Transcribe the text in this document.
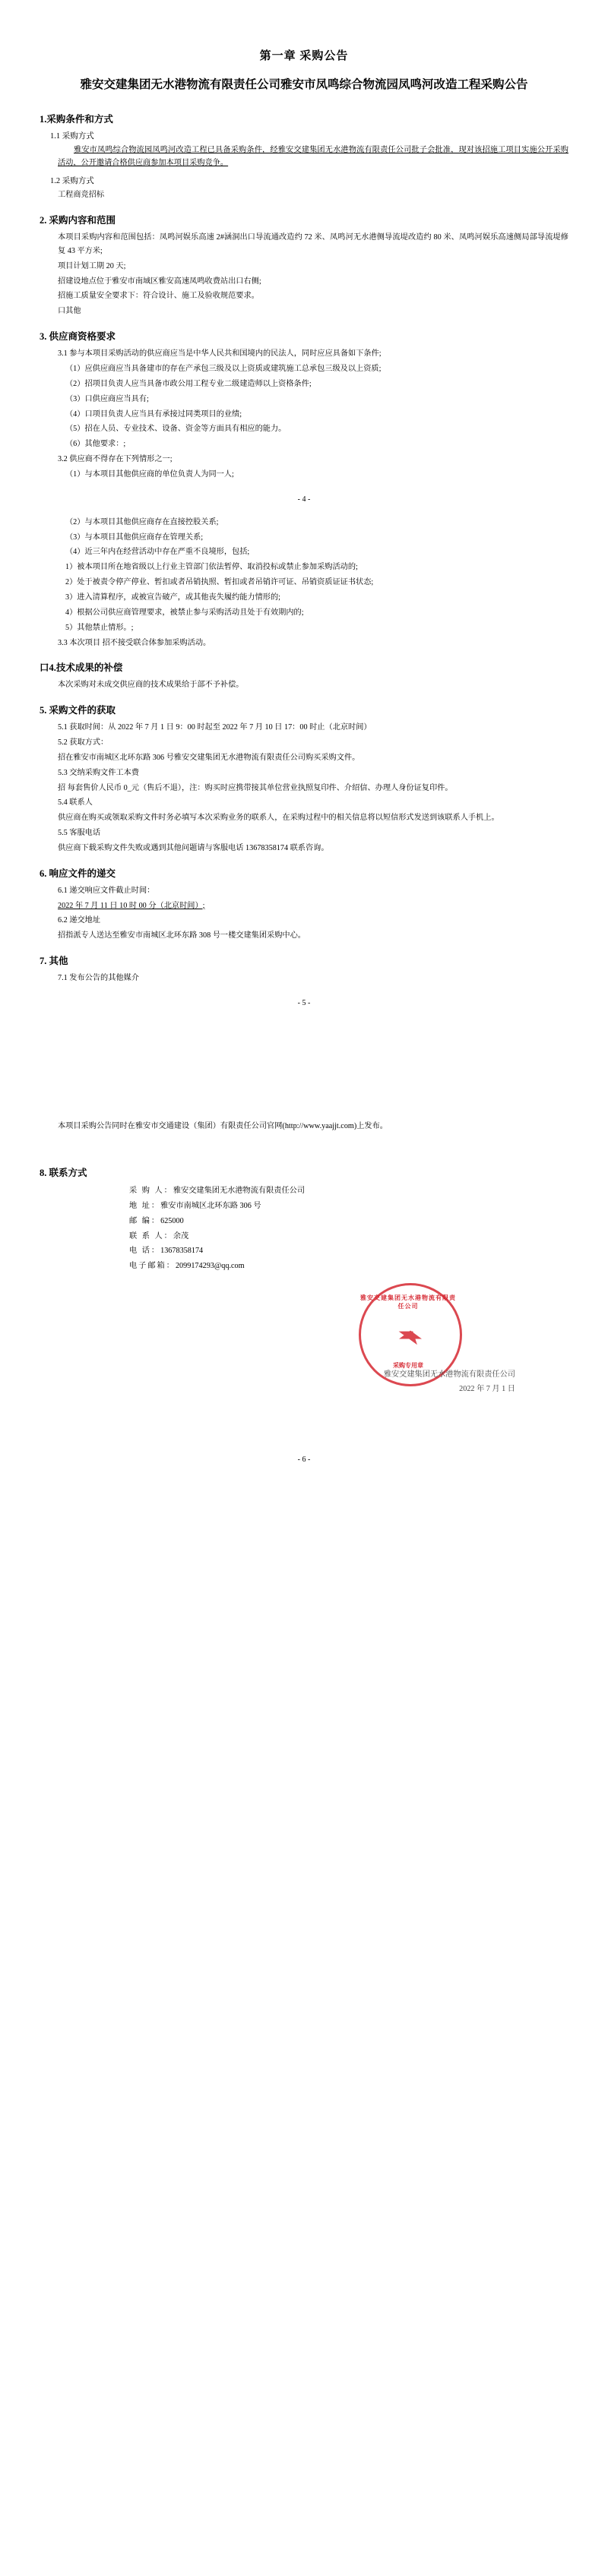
第一章 采购公告
雅安交建集团无水港物流有限责任公司雅安市凤鸣综合物流园凤鸣河改造工程采购公告
1.采购条件和方式
1.1 采购方式

雅安市凤鸣综合物流园凤鸣河改造工程已具备采购条件，经雅安交建集团无水港物流有限责任公司批子会批准，现对该招施工项目实施公开采购活动，公开邀请合格供应商参加本项目采购竞争。

1.2 采购方式

工程商竞招标

2. 采购内容和范围

本项目采购内容和范围包括：凤鸣河娱乐高速 2#涵洞出口导流通改造约 72 米、凤鸣河无水港侧导流堤改造约 80 米、凤鸣河娱乐高速侧局部导流堤修复 43 平方米;

项目计划工期 20 天;

招建设地点位于雅安市南域区雅安高速凤鸣收费站出口右侧;

招施工质量安全要求下：符合设计、施工及验收规范要求。

口其他

3. 供应商资格要求

3.1 参与本项目采购活动的供应商应当是中华人民共和国境内的民法人，同时应应具备如下条件;

（1）应供应商应当具备建市的存在产承包三级及以上资质或建筑施工总承包三级及以上资质;

（2）招项目负责人应当具备市政公用工程专业二级建造师以上资格条件;

（3）口供应商应当具有;

（4）口项目负责人应当具有承接过同类项目的业绩;

（5）招在人员、专业技术、设备、资金等方面具有相应的能力。

（6）其他要求：;

3.2 供应商不得存在下列情形之一;

（1）与本项目其他供应商的单位负责人为同一人;

- 4 -

（2）与本项目其他供应商存在直接控股关系;

（3）与本项目其他供应商存在管理关系;

（4）近三年内在经营活动中存在严重不良境形，包括;

1）被本项目所在地省级以上行业主管部门依法暂停、取消投标或禁止参加采购活动的;

2）处于被责令停产停业、暂扣或者吊销执照、暂扣或者吊销许可证、吊销资质证证书状态;

3）进入清算程序，或被宣告破产，或其他丧失履约能力情形的;

4）根据公司供应商管理要求，被禁止参与采购活动且处于有效期内的;

5）其他禁止情形。;

3.3 本次项目 招不接受联合体参加采购活动。

口4.技术成果的补偿

本次采购对未成交供应商的技术成果给于部不予补偿。

5. 采购文件的获取

5.1 获取时间：从 2022 年 7 月 1 日 9：00 时起至 2022 年 7 月 10 日 17：00 时止（北京时间）

5.2 获取方式：

招在雅安市南城区北环东路 306 号雅安交建集团无水港物流有限责任公司购买采购文件。

5.3 交纳采购文件工本费

招 每套售价人民币 0_元（售后不退），注：购买时应携带接其单位营业执照复印件、介绍信、办理人身份证复印件。

5.4 联系人

供应商在购买或领取采购文件时务必填写本次采购业务的联系人，在采购过程中的相关信息将以短信形式发送到该联系人手机上。

5.5 客服电话

供应商下载采购文件失败或遇到其他问题请与客服电话 13678358174 联系咨询。

6. 响应文件的递交

6.1 递交响应文件截止时间：

2022 年 7 月 11 日 10 时 00 分（北京时间）;

6.2 递交地址

招指派专人送达至雅安市南城区北环东路 308 号一楼交建集团采购中心。

7. 其他

7.1 发布公告的其他媒介

- 5 -

本项目采购公告同时在雅安市交通建设（集团）有限责任公司官网(http://www.yaajjt.com)上发布。

8. 联系方式

采 购 人：雅安交建集团无水港物流有限责任公司

地 址：雅安市南城区北环东路 306 号

邮 编：625000

联 系 人：余茂

电 话：13678358174

电子邮箱：2099174293@qq.com

雅安交建集团无水港物流有限责任公司
采购专用章

雅安交建集团无水港物流有限责任公司

2022 年 7 月 1 日

- 6 -
